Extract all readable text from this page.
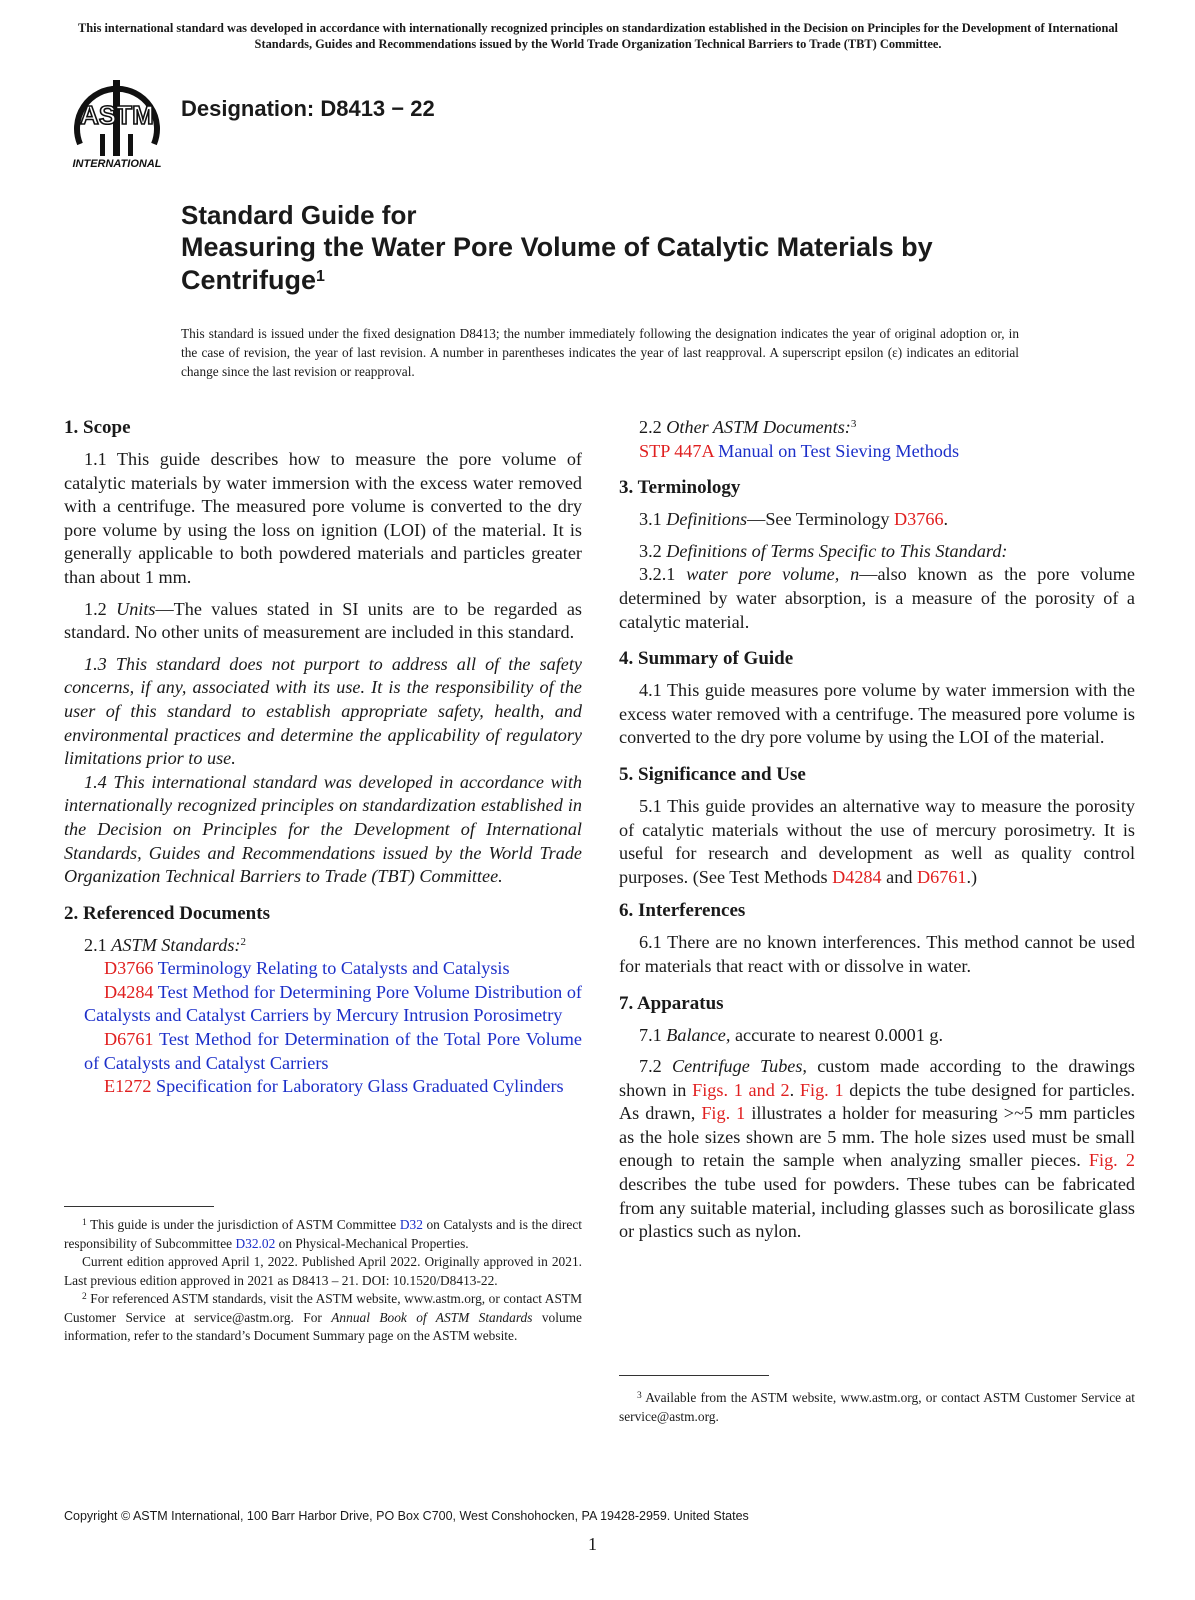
This international standard was developed in accordance with internationally recognized principles on standardization established in the Decision on Principles for the Development of International Standards, Guides and Recommendations issued by the World Trade Organization Technical Barriers to Trade (TBT) Committee.
ASTM
INTERNATIONAL
Designation: D8413 − 22
Standard Guide for
Measuring the Water Pore Volume of Catalytic Materials by
Centrifuge$^1$
This standard is issued under the fixed designation D8413; the number immediately following the designation indicates the year of original adoption or, in the case of revision, the year of last revision. A number in parentheses indicates the year of last reapproval. A superscript epsilon (ε) indicates an editorial change since the last revision or reapproval.
1. Scope

1.1 This guide describes how to measure the pore volume of catalytic materials by water immersion with the excess water removed with a centrifuge. The measured pore volume is converted to the dry pore volume by using the loss on ignition (LOI) of the material. It is generally applicable to both powdered materials and particles greater than about 1 mm.

1.2 Units—The values stated in SI units are to be regarded as standard. No other units of measurement are included in this standard.

1.3 This standard does not purport to address all of the safety concerns, if any, associated with its use. It is the responsibility of the user of this standard to establish appropriate safety, health, and environmental practices and determine the applicability of regulatory limitations prior to use.

1.4 This international standard was developed in accordance with internationally recognized principles on standardization established in the Decision on Principles for the Development of International Standards, Guides and Recommendations issued by the World Trade Organization Technical Barriers to Trade (TBT) Committee.

2. Referenced Documents

2.1 ASTM Standards:$^2$

D3766 Terminology Relating to Catalysts and Catalysis

D4284 Test Method for Determining Pore Volume Distribution of Catalysts and Catalyst Carriers by Mercury Intrusion Porosimetry

D6761 Test Method for Determination of the Total Pore Volume of Catalysts and Catalyst Carriers

E1272 Specification for Laboratory Glass Graduated Cylinders

$^1$ This guide is under the jurisdiction of ASTM Committee D32 on Catalysts and is the direct responsibility of Subcommittee D32.02 on Physical-Mechanical Properties.

Current edition approved April 1, 2022. Published April 2022. Originally approved in 2021. Last previous edition approved in 2021 as D8413 – 21. DOI: 10.1520/D8413-22.

$^2$ For referenced ASTM standards, visit the ASTM website, www.astm.org, or contact ASTM Customer Service at service@astm.org. For Annual Book of ASTM Standards volume information, refer to the standard’s Document Summary page on the ASTM website.

2.2 Other ASTM Documents:$^3$

STP 447A Manual on Test Sieving Methods

3. Terminology

3.1 Definitions—See Terminology D3766.

3.2 Definitions of Terms Specific to This Standard:

3.2.1 water pore volume, n—also known as the pore volume determined by water absorption, is a measure of the porosity of a catalytic material.

4. Summary of Guide

4.1 This guide measures pore volume by water immersion with the excess water removed with a centrifuge. The measured pore volume is converted to the dry pore volume by using the LOI of the material.

5. Significance and Use

5.1 This guide provides an alternative way to measure the porosity of catalytic materials without the use of mercury porosimetry. It is useful for research and development as well as quality control purposes. (See Test Methods D4284 and D6761.)

6. Interferences

6.1 There are no known interferences. This method cannot be used for materials that react with or dissolve in water.

7. Apparatus

7.1 Balance, accurate to nearest 0.0001 g.

7.2 Centrifuge Tubes, custom made according to the drawings shown in Figs. 1 and 2. Fig. 1 depicts the tube designed for particles. As drawn, Fig. 1 illustrates a holder for measuring >~5 mm particles as the hole sizes shown are 5 mm. The hole sizes used must be small enough to retain the sample when analyzing smaller pieces. Fig. 2 describes the tube used for powders. These tubes can be fabricated from any suitable material, including glasses such as borosilicate glass or plastics such as nylon.

$^3$ Available from the ASTM website, www.astm.org, or contact ASTM Customer Service at service@astm.org.

Copyright © ASTM International, 100 Barr Harbor Drive, PO Box C700, West Conshohocken, PA 19428-2959. United States
1
